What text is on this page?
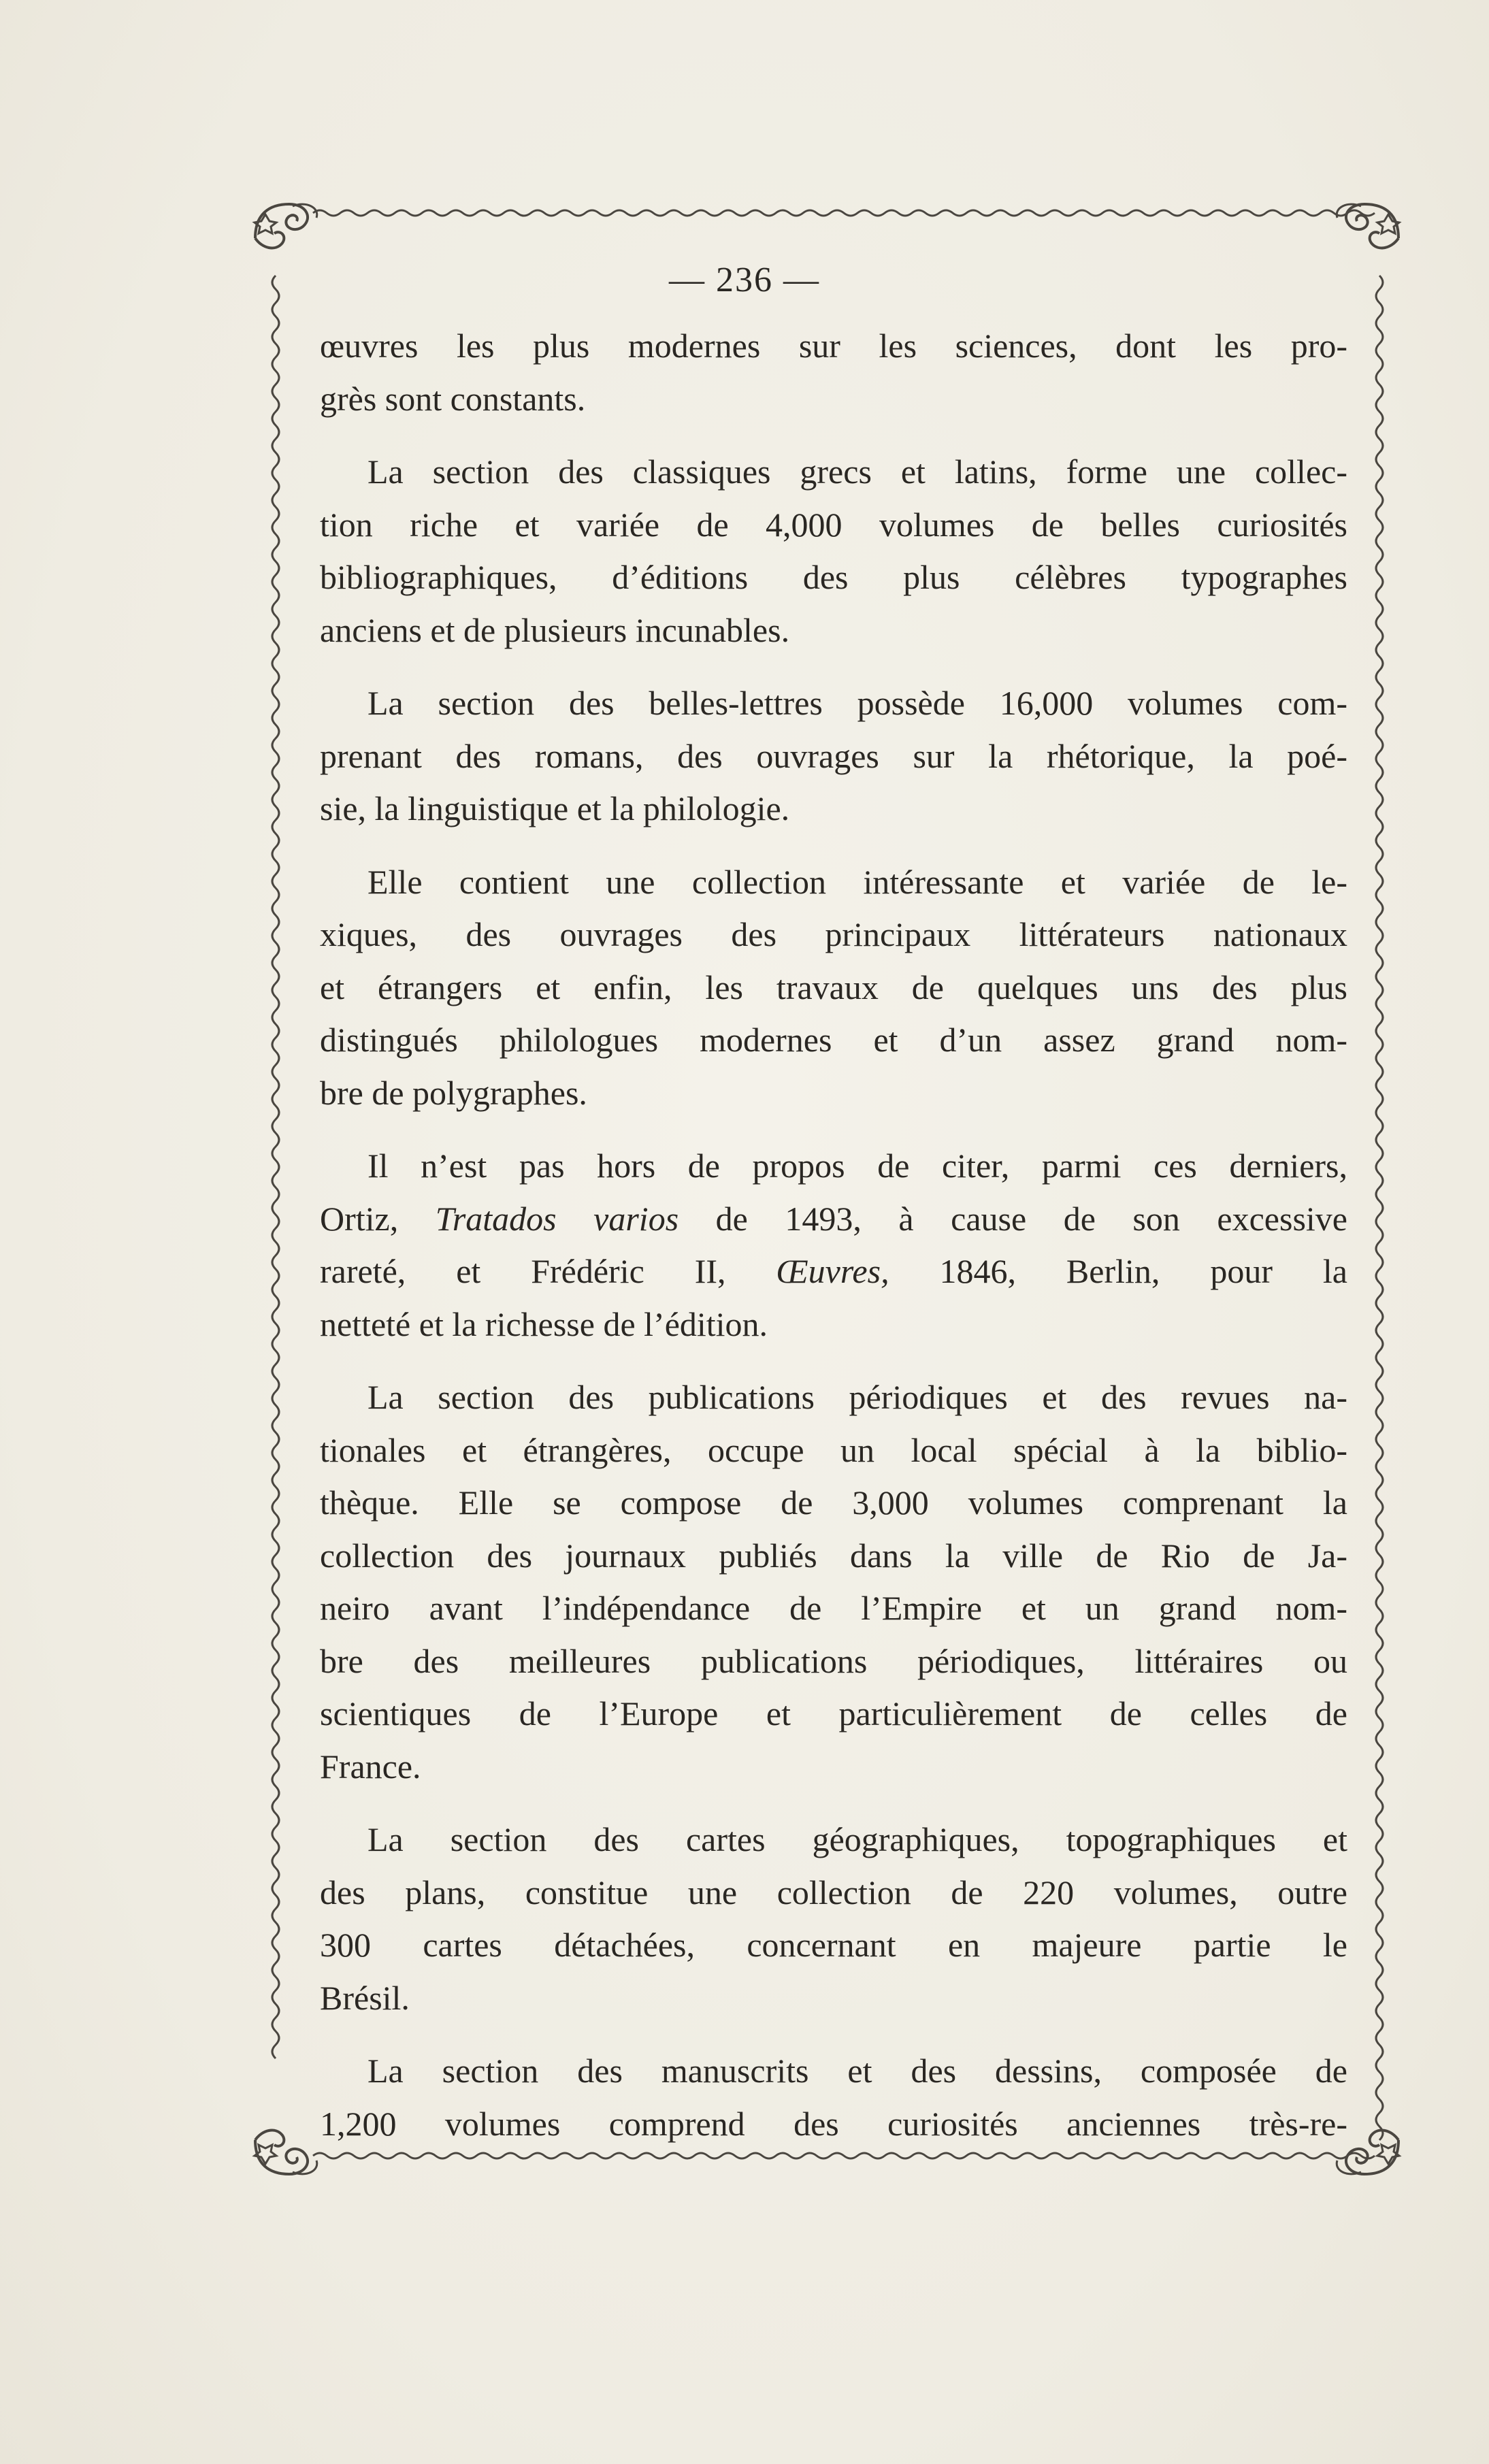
— 236 —

œuvres les plus modernes sur les sciences, dont les pro-
grès sont constants.

La section des classiques grecs et latins, forme une collec-
tion riche et variée de 4,000 volumes de belles curiosités
bibliographiques, d’éditions des plus célèbres typographes
anciens et de plusieurs incunables.

La section des belles-lettres possède 16,000 volumes com-
prenant des romans, des ouvrages sur la rhétorique, la poé-
sie, la linguistique et la philologie.

Elle contient une collection intéressante et variée de le-
xiques, des ouvrages des principaux littérateurs nationaux
et étrangers et enfin, les travaux de quelques uns des plus
distingués philologues modernes et d’un assez grand nom-
bre de polygraphes.

Il n’est pas hors de propos de citer, parmi ces derniers,
Ortiz, Tratados varios de 1493, à cause de son excessive
rareté, et Frédéric II, Œuvres, 1846, Berlin, pour la
netteté et la richesse de l’édition.

La section des publications périodiques et des revues na-
tionales et étrangères, occupe un local spécial à la biblio-
thèque. Elle se compose de 3,000 volumes comprenant la
collection des journaux publiés dans la ville de Rio de Ja-
neiro avant l’indépendance de l’Empire et un grand nom-
bre des meilleures publications périodiques, littéraires ou
scientiques de l’Europe et particulièrement de celles de
France.

La section des cartes géographiques, topographiques et
des plans, constitue une collection de 220 volumes, outre
300 cartes détachées, concernant en majeure partie le
Brésil.

La section des manuscrits et des dessins, composée de
1,200 volumes comprend des curiosités anciennes très-re-
